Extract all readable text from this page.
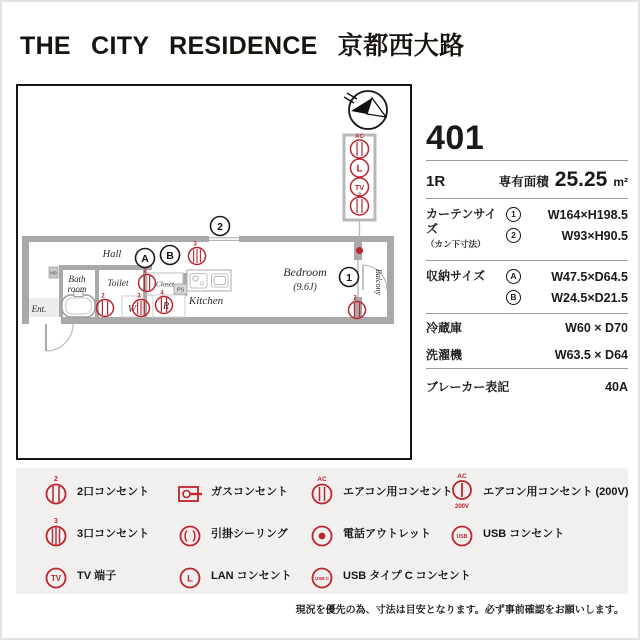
THE CITY RESIDENCE 京都西大路
AC
L
TV
2
PS
MB
Ent.
Hall
Bath
room Toilet	Closet
Kitchen
Bedroom
(9.6J)	Balcony
W	R
A B
2
1
2
2
3	4
3
2
401
1R	専有面積 25.25 m²
カーテンサイズ
（カン下寸法）
1	W164×H198.5
2	W93×H90.5
収納サイズ	A	W47.5×D64.5
B	W24.5×D21.5
冷蔵庫	W60 × D70
洗濯機	W63.5 × D64
ブレーカー表記	40A
2
2口コンセント	ガスコンセント
AC
エアコン用コンセント
AC
200V
エアコン用コンセント (200V)
3
3口コンセント	引掛シーリング	電話アウトレット	USB USB コンセント
TV TV 端子	L LAN コンセント	USB-C USB タイプ C コンセント
現況を優先の為、寸法は目安となります。必ず事前確認をお願いします。
